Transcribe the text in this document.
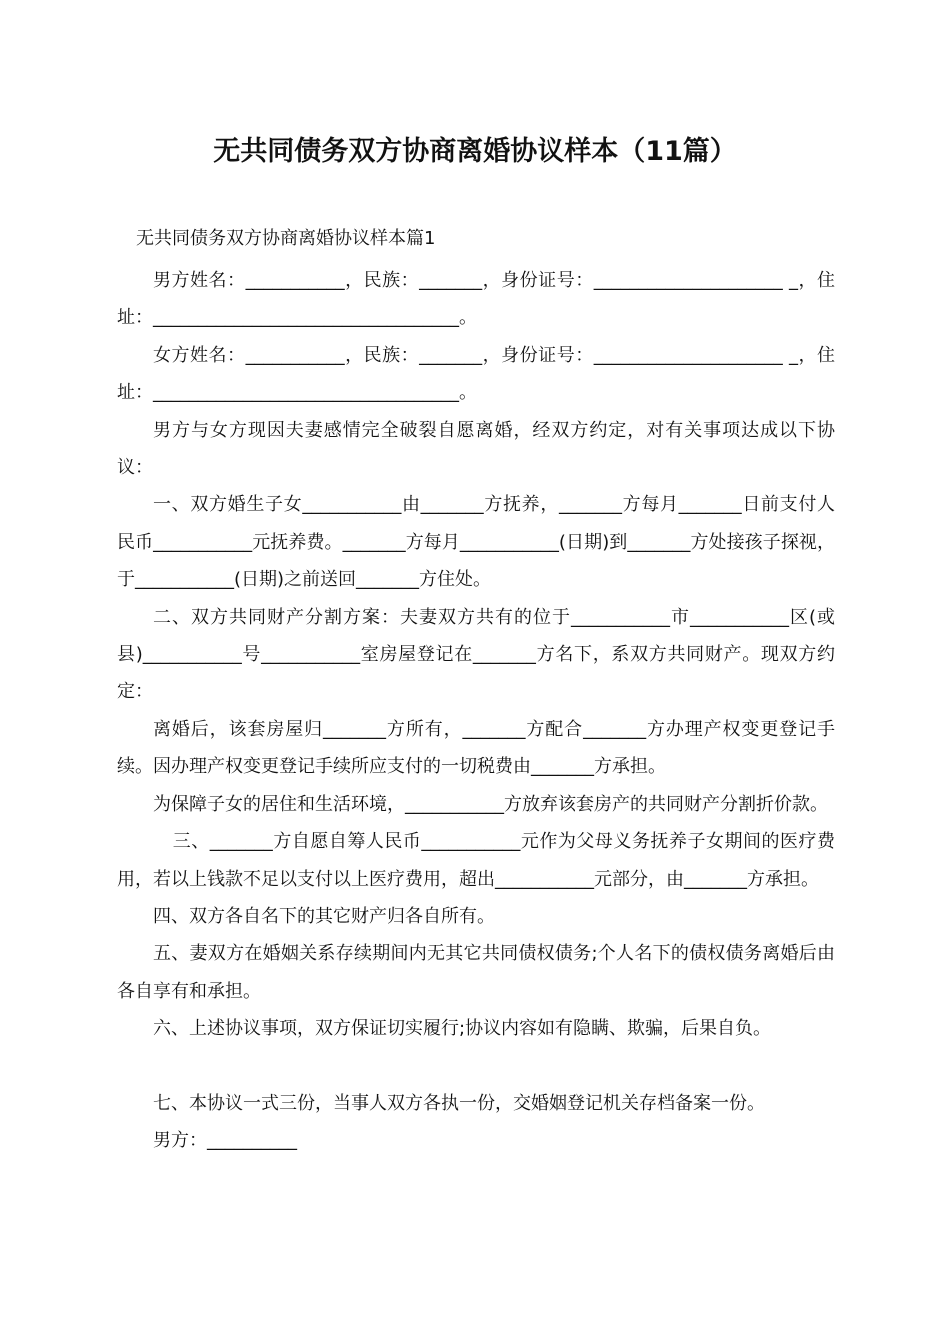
无共同债务双方协商离婚协议样本（11篇）
无共同债务双方协商离婚协议样本篇1

男方姓名：___________，民族：_______，身份证号：_____________________ _，住址：__________________________________。

女方姓名：___________，民族：_______，身份证号：_____________________ _，住址：__________________________________。

男方与女方现因夫妻感情完全破裂自愿离婚，经双方约定，对有关事项达成以下协议：

一、双方婚生子女___________由_______方抚养，_______方每月_______日前支付人民币___________元抚养费。_______方每月___________(日期)到_______方处接孩子探视，于___________(日期)之前送回_______方住处。

二、双方共同财产分割方案：夫妻双方共有的位于___________市___________区(或县)___________号___________室房屋登记在_______方名下，系双方共同财产。现双方约定：

离婚后，该套房屋归_______方所有，_______方配合_______方办理产权变更登记手续。因办理产权变更登记手续所应支付的一切税费由_______方承担。

为保障子女的居住和生活环境，___________方放弃该套房产的共同财产分割折价款。

三、_______方自愿自筹人民币___________元作为父母义务抚养子女期间的医疗费用，若以上钱款不足以支付以上医疗费用，超出___________元部分，由_______方承担。

四、双方各自名下的其它财产归各自所有。

五、妻双方在婚姻关系存续期间内无其它共同债权债务;个人名下的债权债务离婚后由各自享有和承担。

六、上述协议事项，双方保证切实履行;协议内容如有隐瞒、欺骗，后果自负。

七、本协议一式三份，当事人双方各执一份，交婚姻登记机关存档备案一份。

男方：__________
